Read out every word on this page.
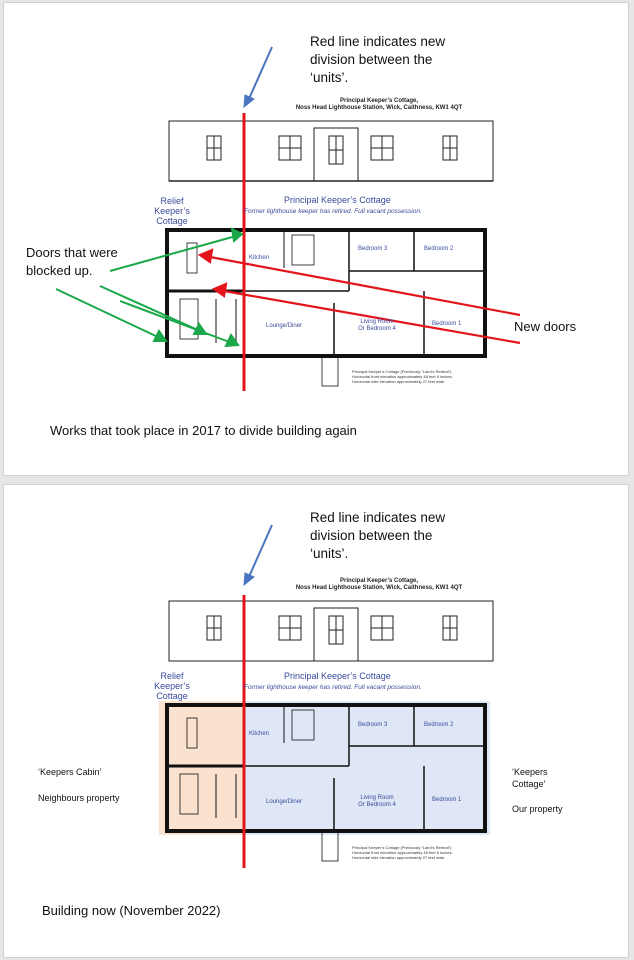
Red line indicates new
division between the
‘units’.
Principal Keeper’s Cottage,
Noss Head Lighthouse Station, Wick, Caithness, KW1 4QT
Relief Keeper’s
Cottage
Principal Keeper’s Cottage
Former lighthouse keeper has retired. Full vacant possession.
Kitchen
Bedroom 3	Bedroom 2
Lounge/Diner
Living Room
Or Bedroom 4
Bedroom 1
Principal Keeper’s Cottage (Previously “Laird’s Retreat”).
Horizontal front elevation approximately 48 feet 6 inches.
Horizontal side elevation approximately 27 feet wide.
Doors that were
blocked up.
New doors
Works that took place in 2017 to divide building again
Red line indicates new
division between the
‘units’.
Principal Keeper’s Cottage,
Noss Head Lighthouse Station, Wick, Caithness, KW1 4QT
Relief Keeper’s
Cottage
Principal Keeper’s Cottage
Former lighthouse keeper has retired. Full vacant possession.
Kitchen
Bedroom 3	Bedroom 2
Lounge/Diner
Living Room
Or Bedroom 4
Bedroom 1
Principal Keeper’s Cottage (Previously “Laird’s Retreat”).
Horizontal front elevation approximately 48 feet 6 inches.
Horizontal side elevation approximately 27 feet wide.
‘Keepers Cabin’
Neighbours property
‘Keepers
Cottage’
Our property
Building now (November 2022)
